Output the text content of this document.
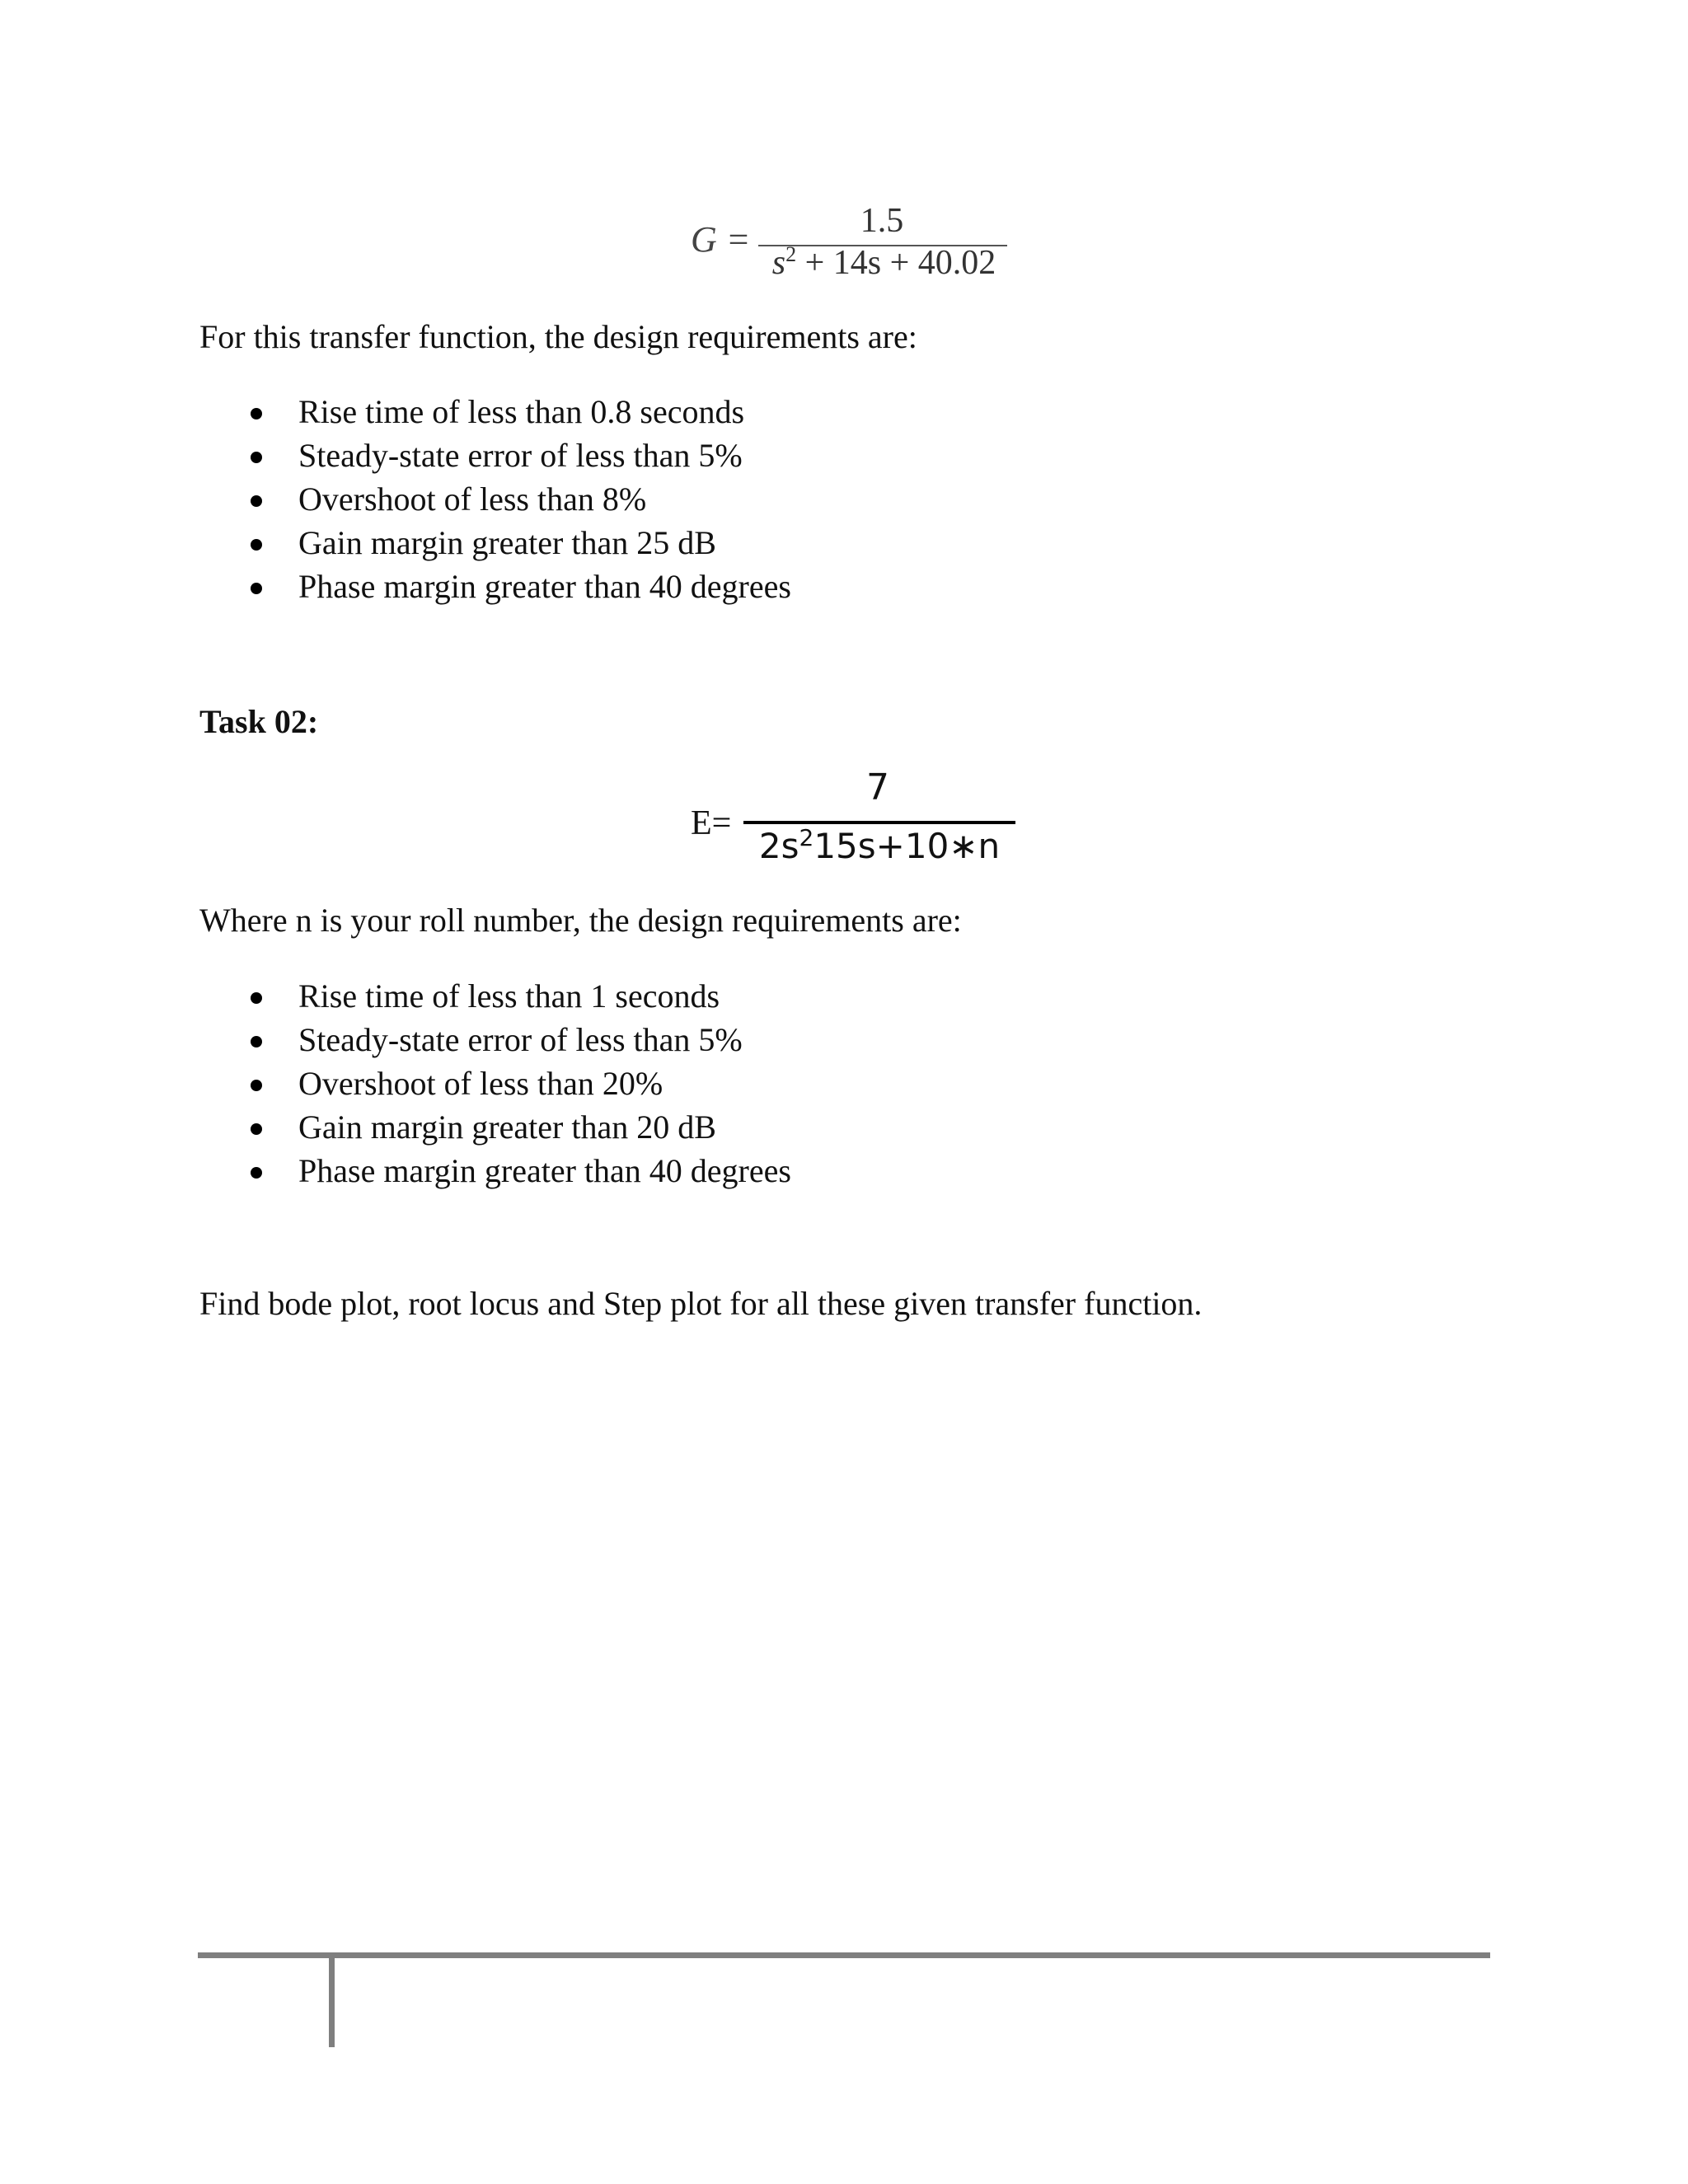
G =	1.5
$s^2 + 14s + 40.02$
For this transfer function, the design requirements are:
Rise time of less than 0.8 seconds
Steady-state error of less than 5%
Overshoot of less than 8%
Gain margin greater than 25 dB
Phase margin greater than 40 degrees
Task 02:
E=
7
$2s^215s+10∗n$
Where n is your roll number, the design requirements are:
Rise time of less than 1 seconds
Steady-state error of less than 5%
Overshoot of less than 20%
Gain margin greater than 20 dB
Phase margin greater than 40 degrees
Find bode plot, root locus and Step plot for all these given transfer function.
